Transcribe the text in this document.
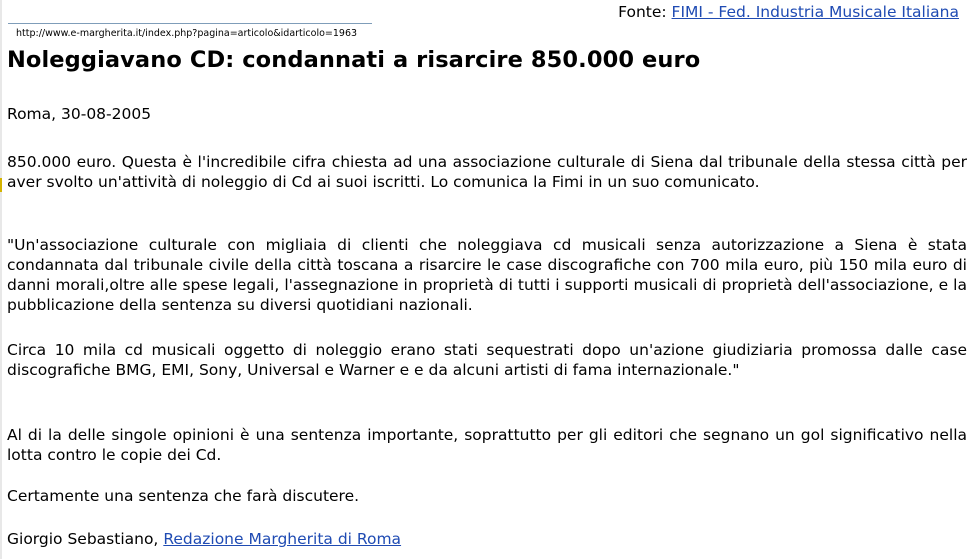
Fonte: FIMI - Fed. Industria Musicale Italiana
http://www.e-margherita.it/index.php?pagina=articolo&idarticolo=1963
Noleggiavano CD: condannati a risarcire 850.000 euro

Roma, 30-08-2005

850.000 euro. Questa è l'incredibile cifra chiesta ad una associazione culturale di Siena dal tribunale della stessa città per aver svolto un'attività di noleggio di Cd ai suoi iscritti. Lo comunica la Fimi in un suo comunicato.

"Un'associazione culturale con migliaia di clienti che noleggiava cd musicali senza autorizzazione a Siena è stata condannata dal tribunale civile della città toscana a risarcire le case discografiche con 700 mila euro, più 150 mila euro di danni morali,oltre alle spese legali, l'assegnazione in proprietà di tutti i supporti musicali di proprietà dell'associazione, e la pubblicazione della sentenza su diversi quotidiani nazionali.

Circa 10 mila cd musicali oggetto di noleggio erano stati sequestrati dopo un'azione giudiziaria promossa dalle case discografiche BMG, EMI, Sony, Universal e Warner e e da alcuni artisti di fama internazionale."

Al di la delle singole opinioni è una sentenza importante, soprattutto per gli editori che segnano un gol significativo nella lotta contro le copie dei Cd.

Certamente una sentenza che farà discutere.

Giorgio Sebastiano, Redazione Margherita di Roma
